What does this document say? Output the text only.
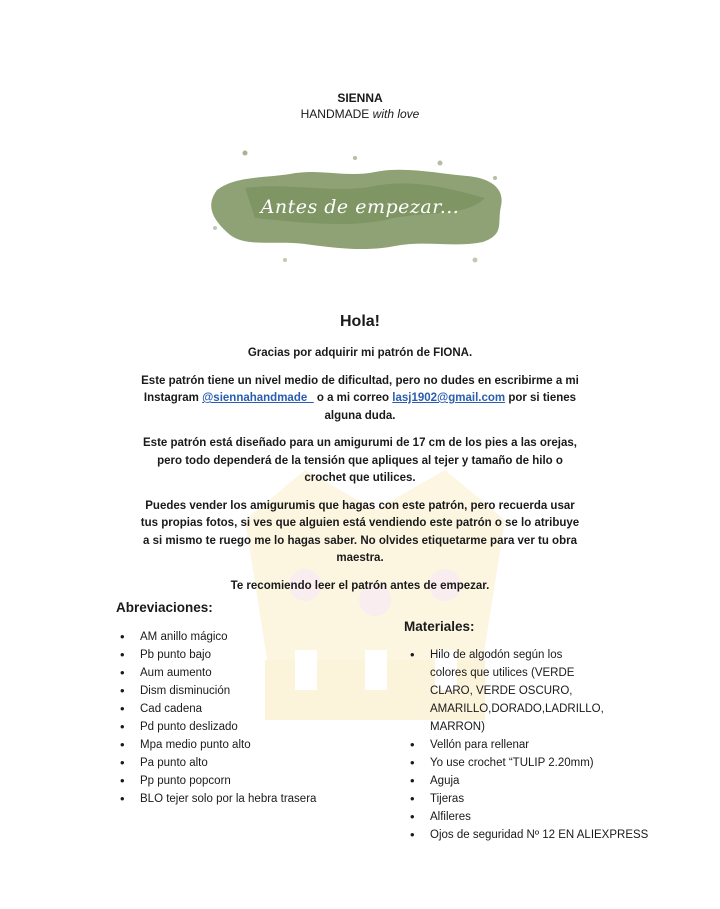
SIENNA
HANDMADE with love
Antes de empezar...
Hola!

Gracias por adquirir mi patrón de FIONA.

Este patrón tiene un nivel medio de dificultad, pero no dudes en escribirme a mi Instagram @siennahandmade_ o a mi correo lasj1902@gmail.com por si tienes alguna duda.

Este patrón está diseñado para un amigurumi de 17 cm de los pies a las orejas, pero todo dependerá de la tensión que apliques al tejer y tamaño de hilo o crochet que utilices.

Puedes vender los amigurumis que hagas con este patrón, pero recuerda usar tus propias fotos, si ves que alguien está vendiendo este patrón o se lo atribuye a si mismo te ruego me lo hagas saber. No olvides etiquetarme para ver tu obra maestra.

Te recomiendo leer el patrón antes de empezar.

Abreviaciones:
• AM anillo mágico
• Pb punto bajo
• Aum aumento
• Dism disminución
• Cad cadena
• Pd punto deslizado
• Mpa medio punto alto
• Pa punto alto
• Pp punto popcorn
• BLO tejer solo por la hebra trasera
Materiales:
• Hilo de algodón según los colores que utilices (VERDE CLARO, VERDE OSCURO, AMARILLO,DORADO,LADRILLO, MARRON)
• Vellón para rellenar
• Yo use crochet “TULIP 2.20mm)
• Aguja
• Tijeras
• Alfileres
• Ojos de seguridad Nº 12 EN ALIEXPRESS
